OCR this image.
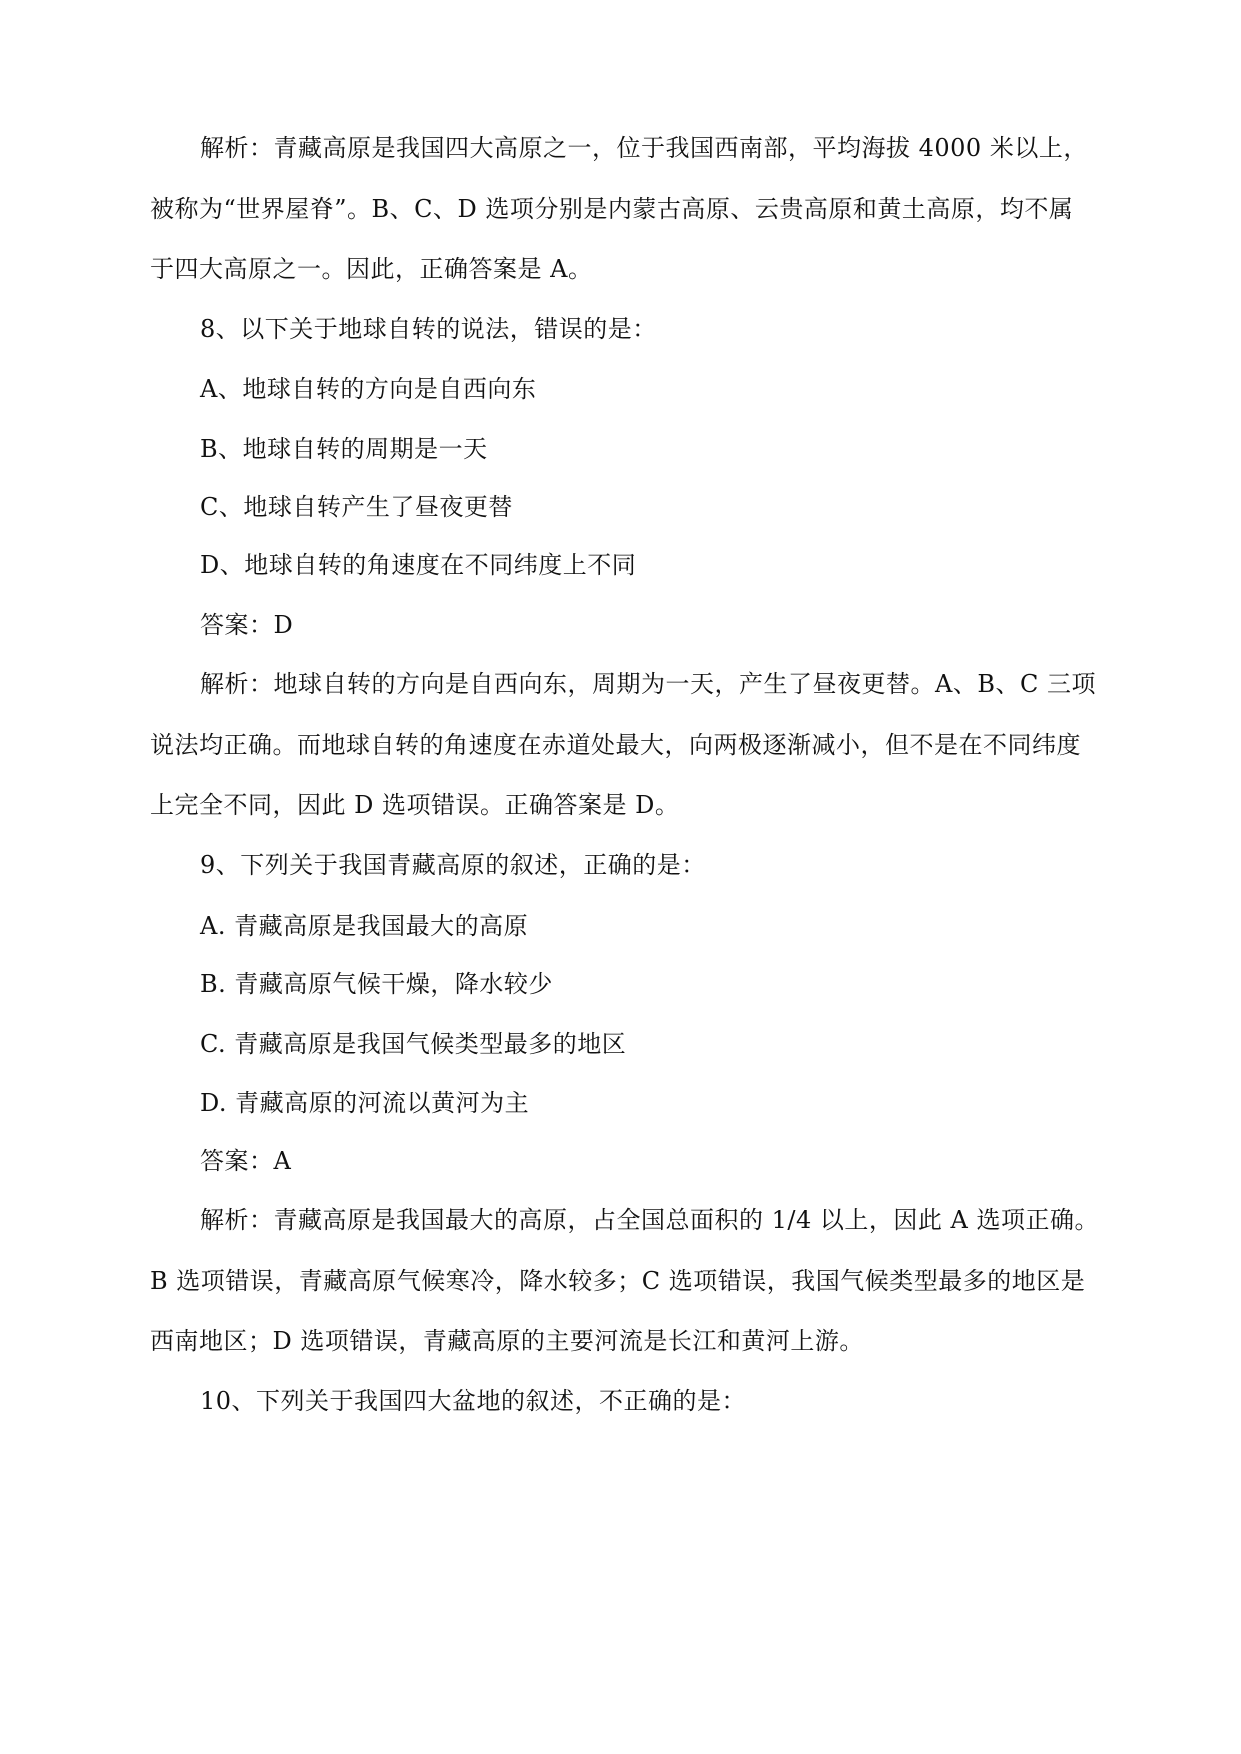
解析：青藏高原是我国四大高原之一，位于我国西南部，平均海拔 4000 米以上，
被称为“世界屋脊”。B、C、D 选项分别是内蒙古高原、云贵高原和黄土高原，均不属
于四大高原之一。因此，正确答案是 A。
8、以下关于地球自转的说法，错误的是：
A、地球自转的方向是自西向东
B、地球自转的周期是一天
C、地球自转产生了昼夜更替
D、地球自转的角速度在不同纬度上不同
答案：D
解析：地球自转的方向是自西向东，周期为一天，产生了昼夜更替。A、B、C 三项
说法均正确。而地球自转的角速度在赤道处最大，向两极逐渐减小，但不是在不同纬度
上完全不同，因此 D 选项错误。正确答案是 D。
9、下列关于我国青藏高原的叙述，正确的是：
A. 青藏高原是我国最大的高原
B. 青藏高原气候干燥，降水较少
C. 青藏高原是我国气候类型最多的地区
D. 青藏高原的河流以黄河为主
答案：A
解析：青藏高原是我国最大的高原，占全国总面积的 1/4 以上，因此 A 选项正确。
B 选项错误，青藏高原气候寒冷，降水较多；C 选项错误，我国气候类型最多的地区是
西南地区；D 选项错误，青藏高原的主要河流是长江和黄河上游。
10、下列关于我国四大盆地的叙述，不正确的是：
